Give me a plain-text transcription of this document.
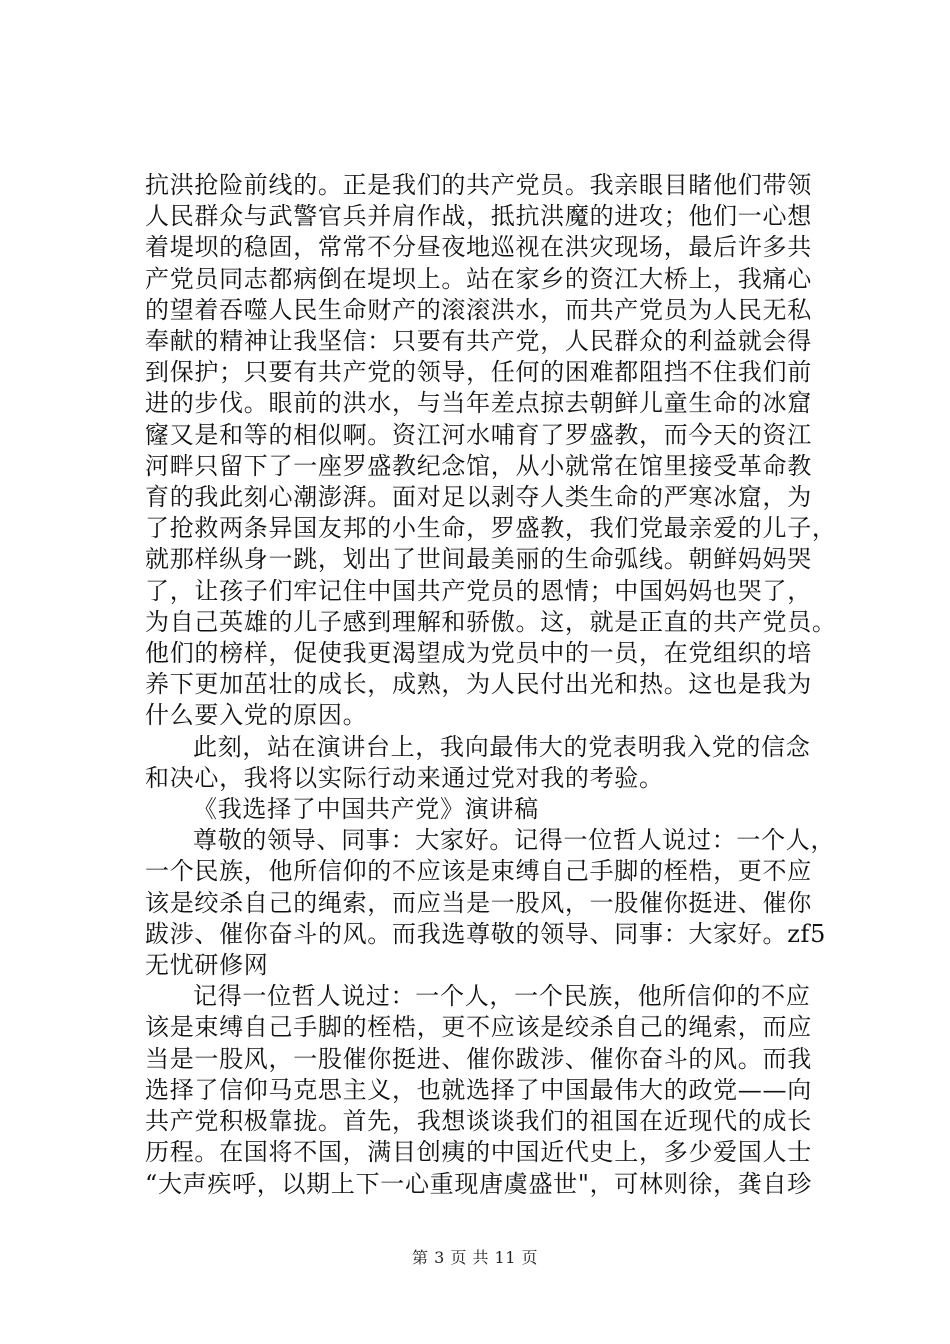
抗洪抢险前线的。正是我们的共产党员。我亲眼目睹他们带领
人民群众与武警官兵并肩作战，抵抗洪魔的进攻；他们一心想
着堤坝的稳固，常常不分昼夜地巡视在洪灾现场，最后许多共
产党员同志都病倒在堤坝上。站在家乡的资江大桥上，我痛心
的望着吞噬人民生命财产的滚滚洪水，而共产党员为人民无私
奉献的精神让我坚信：只要有共产党，人民群众的利益就会得
到保护；只要有共产党的领导，任何的困难都阻挡不住我们前
进的步伐。眼前的洪水，与当年差点掠去朝鲜儿童生命的冰窟
窿又是和等的相似啊。资江河水哺育了罗盛教，而今天的资江
河畔只留下了一座罗盛教纪念馆，从小就常在馆里接受革命教
育的我此刻心潮澎湃。面对足以剥夺人类生命的严寒冰窟，为
了抢救两条异国友邦的小生命，罗盛教，我们党最亲爱的儿子，
就那样纵身一跳，划出了世间最美丽的生命弧线。朝鲜妈妈哭
了，让孩子们牢记住中国共产党员的恩情；中国妈妈也哭了，
为自己英雄的儿子感到理解和骄傲。这，就是正直的共产党员。
他们的榜样，促使我更渴望成为党员中的一员，在党组织的培
养下更加茁壮的成长，成熟，为人民付出光和热。这也是我为
什么要入党的原因。

此刻，站在演讲台上，我向最伟大的党表明我入党的信念
和决心，我将以实际行动来通过党对我的考验。

《我选择了中国共产党》演讲稿

尊敬的领导、同事：大家好。记得一位哲人说过：一个人，
一个民族，他所信仰的不应该是束缚自己手脚的桎梏，更不应
该是绞杀自己的绳索，而应当是一股风，一股催你挺进、催你
跋涉、催你奋斗的风。而我选尊敬的领导、同事：大家好。zf5
无忧研修网

记得一位哲人说过：一个人，一个民族，他所信仰的不应
该是束缚自己手脚的桎梏，更不应该是绞杀自己的绳索，而应
当是一股风，一股催你挺进、催你跋涉、催你奋斗的风。而我
选择了信仰马克思主义，也就选择了中国最伟大的政党——向
共产党积极靠拢。首先，我想谈谈我们的祖国在近现代的成长
历程。在国将不国，满目创痍的中国近代史上，多少爱国人士
“大声疾呼，以期上下一心重现唐虞盛世"，可林则徐，龚自珍

第 3 页 共 11 页
